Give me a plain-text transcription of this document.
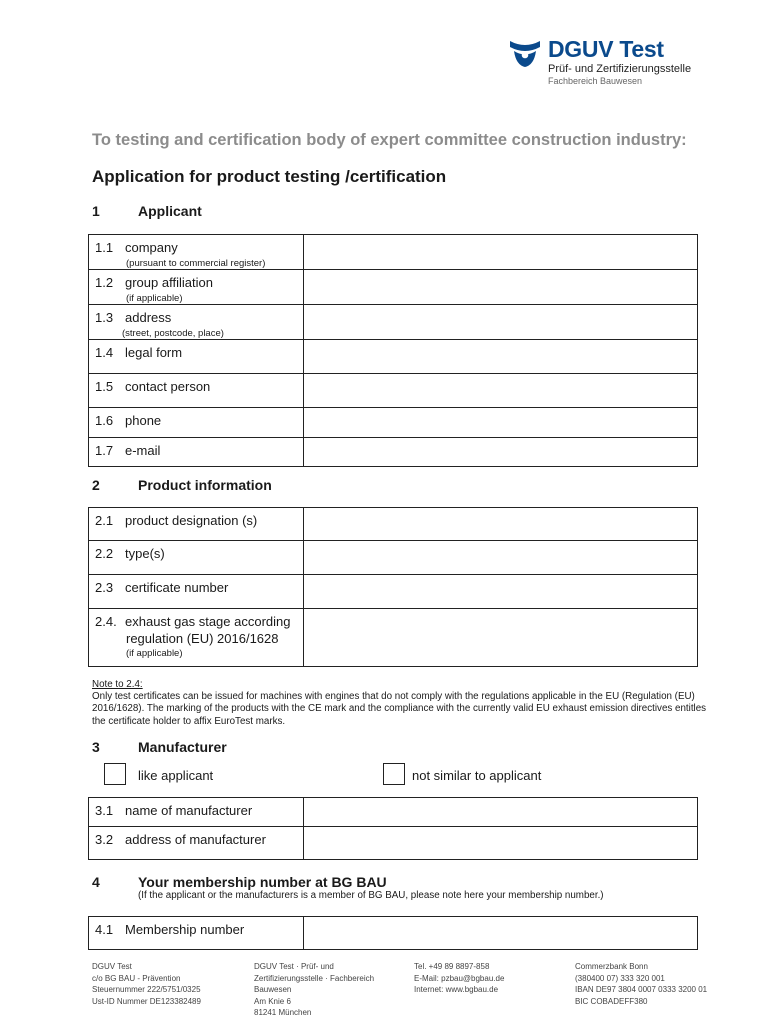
DGUV Test
Prüf- und Zertifizierungsstelle
Fachbereich Bauwesen
To testing and certification body of expert committee construction industry:
Application for product testing /certification
1	Applicant
1.1 company
(pursuant to commercial register)	

1.2 group affiliation
(if applicable)	

1.3 address
(street, postcode, place)	

1.4 legal form	
1.5 contact person	
1.6 phone	
1.7 e-mail	
2	Product information
2.1 product designation (s)	
2.2 type(s)	
2.3 certificate number	
2.4. exhaust gas stage according
regulation (EU) 2016/1628
(if applicable)	

Note to 2.4:
Only test certificates can be issued for machines with engines that do not comply with the regulations applicable in the EU (Regulation (EU) 2016/1628). The marking of the products with the CE mark and the compliance with the currently valid EU exhaust emission directives entitles the certificate holder to affix EuroTest marks.
3	Manufacturer
like applicant	not similar to applicant
3.1 name of manufacturer	
3.2 address of manufacturer	
4	Your membership number at BG BAU
(If the applicant or the manufacturers is a member of BG BAU, please note here your membership number.)
4.1 Membership number	
DGUV Test
c/o BG BAU - Prävention
Steuernummer 222/5751/0325
Ust-ID Nummer DE123382489
DGUV Test · Prüf- und
Zertifizierungsstelle · Fachbereich
Bauwesen
Am Knie 6
81241 München
Tel. +49 89 8897-858
E-Mail: pzbau@bgbau.de
Internet: www.bgbau.de
Commerzbank Bonn
(380400 07) 333 320 001
IBAN DE97 3804 0007 0333 3200 01
BIC COBADEFF380
